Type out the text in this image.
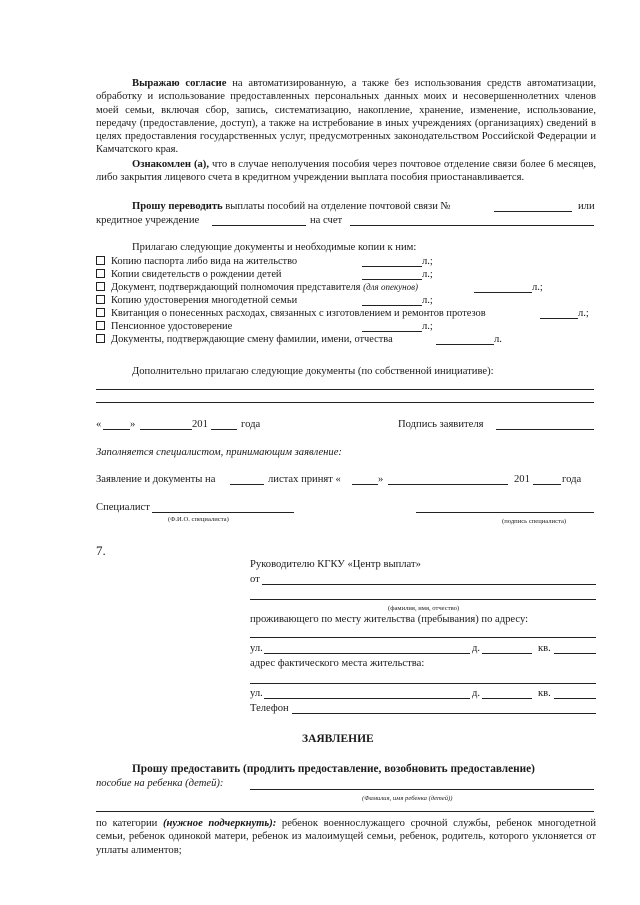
Выражаю согласие на автоматизированную, а также без использования средств автоматизации, обработку и использование предоставленных персональных данных моих и несовершеннолетних членов моей семьи, включая сбор, запись, систематизацию, накопление, хранение, изменение, использование, передачу (предоставление, доступ), а также на истребование в иных учреждениях (организациях) сведений в целях предоставления государственных услуг, предусмотренных законодательством Российской Федерации и Камчатского края.
Ознакомлен (а), что в случае неполучения пособия через почтовое отделение связи более 6 месяцев, либо закрытия лицевого счета в кредитном учреждении выплата пособия приостанавливается.
Прошу переводить выплаты пособий на отделение почтовой связи №	или
кредитное учреждение	на счет
Прилагаю следующие документы и необходимые копии к ним:
Копию паспорта либо вида на жительство	л.;
Копии свидетельств о рождении детей	л.;
Документ, подтверждающий полномочия представителя (для опекунов)	л.;
Копию удостоверения многодетной семьи	л.;
Квитанция о понесенных расходах, связанных с изготовлением и ремонтов протезов	л.;
Пенсионное удостоверение	л.;
Документы, подтверждающие смену фамилии, имени, отчества	л.
Дополнительно прилагаю следующие документы (по собственной инициативе):
«	»	201	года	Подпись заявителя
Заполняется специалистом, принимающим заявление:
Заявление и документы на	листах принят «	»	201	года
Специалист
(Ф.И.О. специалиста)	(подпись специалиста)
7.
Руководителю КГКУ «Центр выплат»
от
(фамилия, имя, отчество)
проживающего по месту жительства (пребывания) по адресу:
ул.	д.	кв.
адрес фактического места жительства:
ул.	д.	кв.
Телефон
ЗАЯВЛЕНИЕ
Прошу предоставить (продлить предоставление, возобновить предоставление)
пособие на ребенка (детей):
(Фамилия, имя ребенка (детей))
по категории (нужное подчеркнуть): ребенок военнослужащего срочной службы, ребенок многодетной семьи, ребенок одинокой матери, ребенок из малоимущей семьи, ребенок, родитель, которого уклоняется от уплаты алиментов;
